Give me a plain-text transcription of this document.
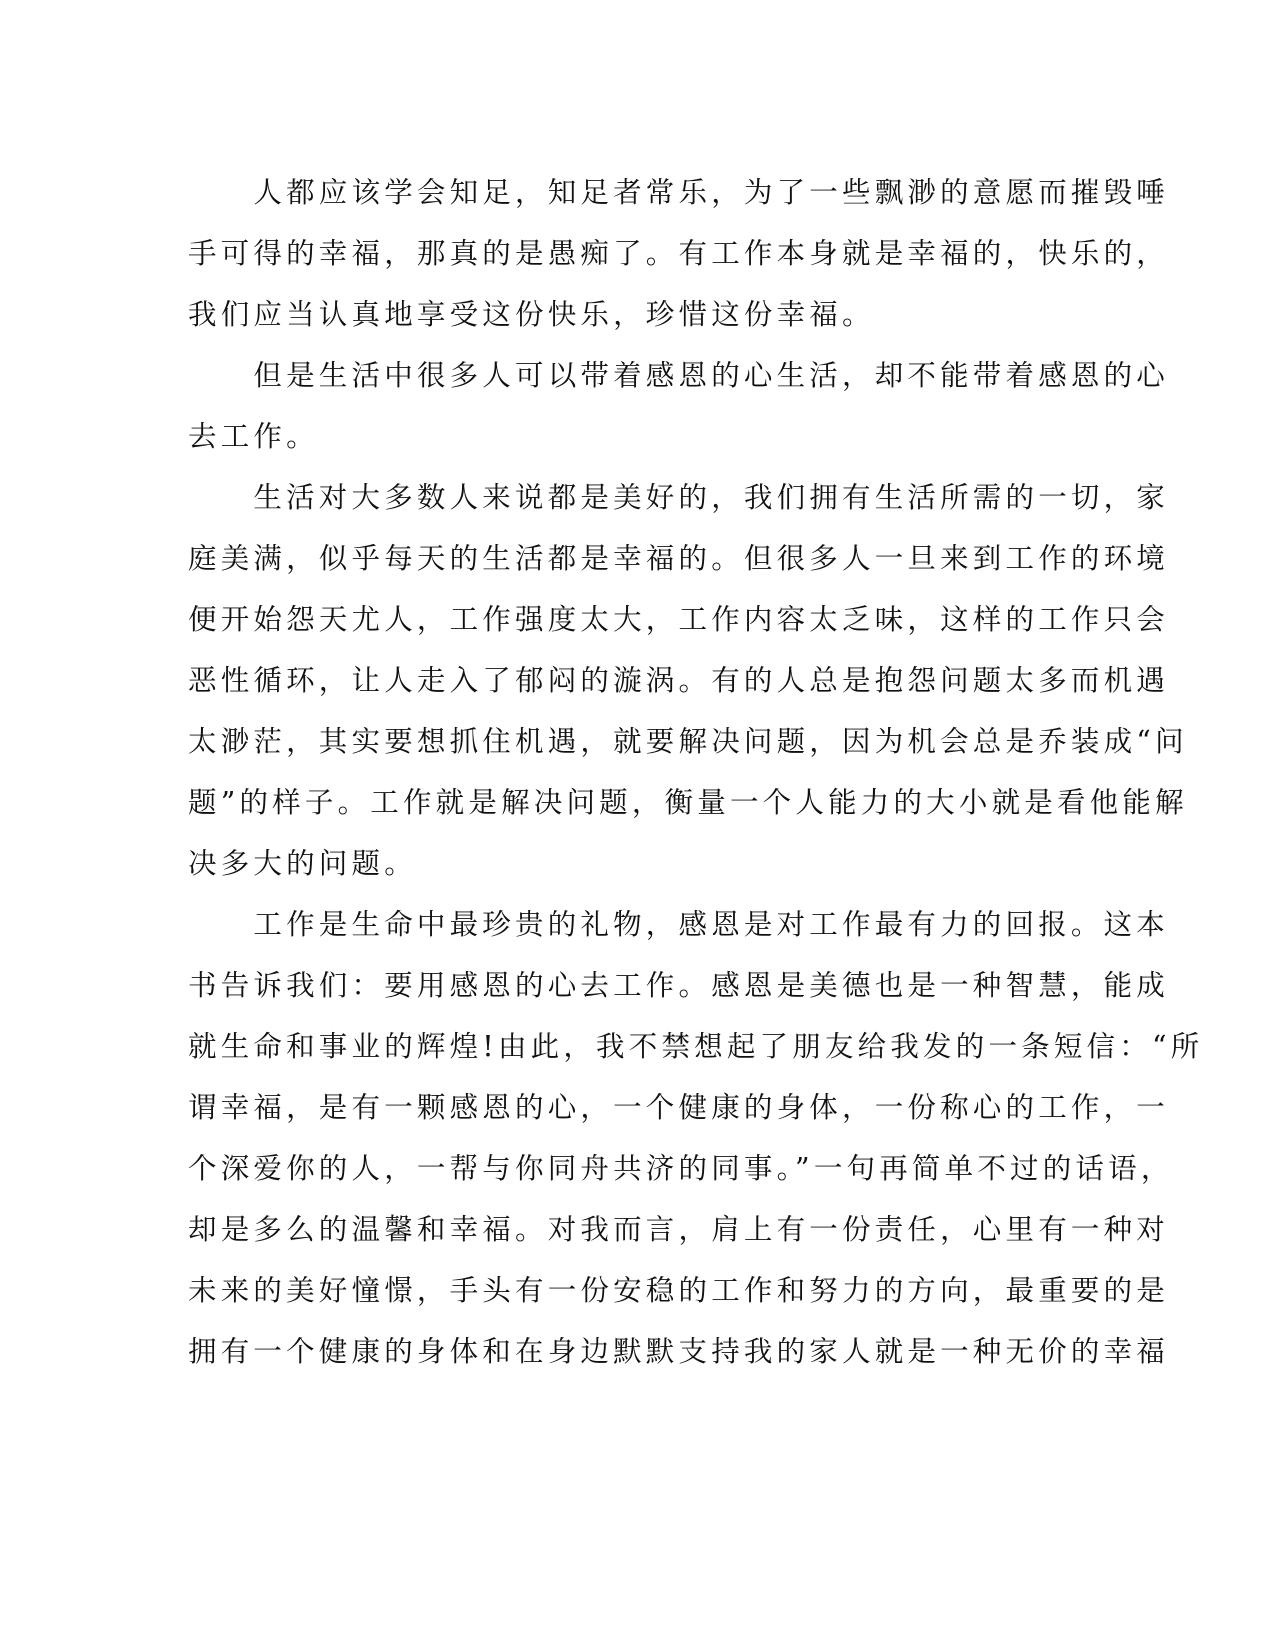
　　人都应该学会知足，知足者常乐，为了一些飘渺的意愿而摧毁唾
手可得的幸福，那真的是愚痴了。有工作本身就是幸福的，快乐的，
我们应当认真地享受这份快乐，珍惜这份幸福。
　　但是生活中很多人可以带着感恩的心生活，却不能带着感恩的心
去工作。
　　生活对大多数人来说都是美好的，我们拥有生活所需的一切，家
庭美满，似乎每天的生活都是幸福的。但很多人一旦来到工作的环境
便开始怨天尤人，工作强度太大，工作内容太乏味，这样的工作只会
恶性循环，让人走入了郁闷的漩涡。有的人总是抱怨问题太多而机遇
太渺茫，其实要想抓住机遇，就要解决问题，因为机会总是乔装成“问
题”的样子。工作就是解决问题，衡量一个人能力的大小就是看他能解
决多大的问题。
　　工作是生命中最珍贵的礼物，感恩是对工作最有力的回报。这本
书告诉我们：要用感恩的心去工作。感恩是美德也是一种智慧，能成
就生命和事业的辉煌!由此，我不禁想起了朋友给我发的一条短信：“所
谓幸福，是有一颗感恩的心，一个健康的身体，一份称心的工作，一
个深爱你的人，一帮与你同舟共济的同事。”一句再简单不过的话语，
却是多么的温馨和幸福。对我而言，肩上有一份责任，心里有一种对
未来的美好憧憬，手头有一份安稳的工作和努力的方向，最重要的是
拥有一个健康的身体和在身边默默支持我的家人就是一种无价的幸福
